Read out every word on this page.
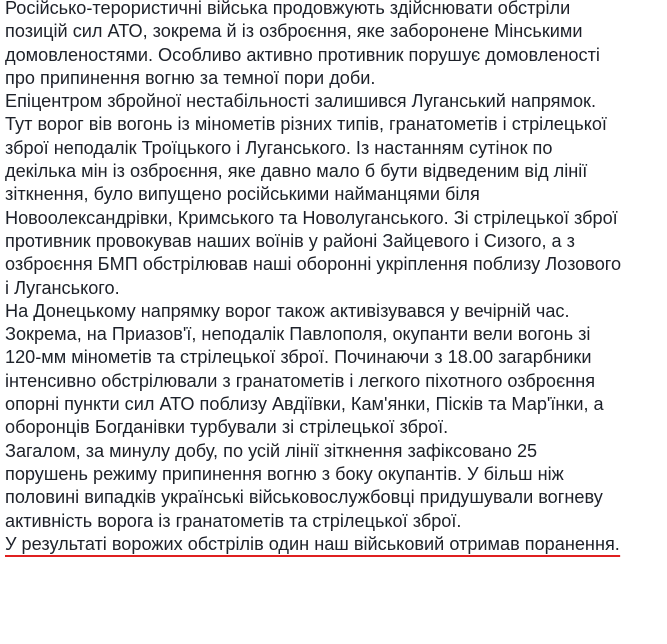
Російсько-терористичні війська продовжують здійснювати обстріли
позицій сил АТО, зокрема й із озброєння, яке заборонене Мінськими
домовленостями. Особливо активно противник порушує домовленості
про припинення вогню за темної пори доби.
Епіцентром збройної нестабільності залишився Луганський напрямок.
Тут ворог вів вогонь із мінометів різних типів, гранатометів і стрілецької
зброї неподалік Троїцького і Луганського. Із настанням сутінок по
декілька мін із озброєння, яке давно мало б бути відведеним від лінії
зіткнення, було випущено російськими найманцями біля
Новоолександрівки, Кримського та Новолуганського. Зі стрілецької зброї
противник провокував наших воїнів у районі Зайцевого і Сизого, а з
озброєння БМП обстрілював наші оборонні укріплення поблизу Лозового
і Луганського.
На Донецькому напрямку ворог також активізувався у вечірній час.
Зокрема, на Приазов'ї, неподалік Павлополя, окупанти вели вогонь зі
120-мм мінометів та стрілецької зброї. Починаючи з 18.00 загарбники
інтенсивно обстрілювали з гранатометів і легкого піхотного озброєння
опорні пункти сил АТО поблизу Авдіївки, Кам'янки, Пісків та Мар'їнки, а
оборонців Богданівки турбували зі стрілецької зброї.
Загалом, за минулу добу, по усій лінії зіткнення зафіксовано 25
порушень режиму припинення вогню з боку окупантів. У більш ніж
половині випадків українські військовослужбовці придушували вогневу
активність ворога із гранатометів та стрілецької зброї.
У результаті ворожих обстрілів один наш військовий отримав поранення.
